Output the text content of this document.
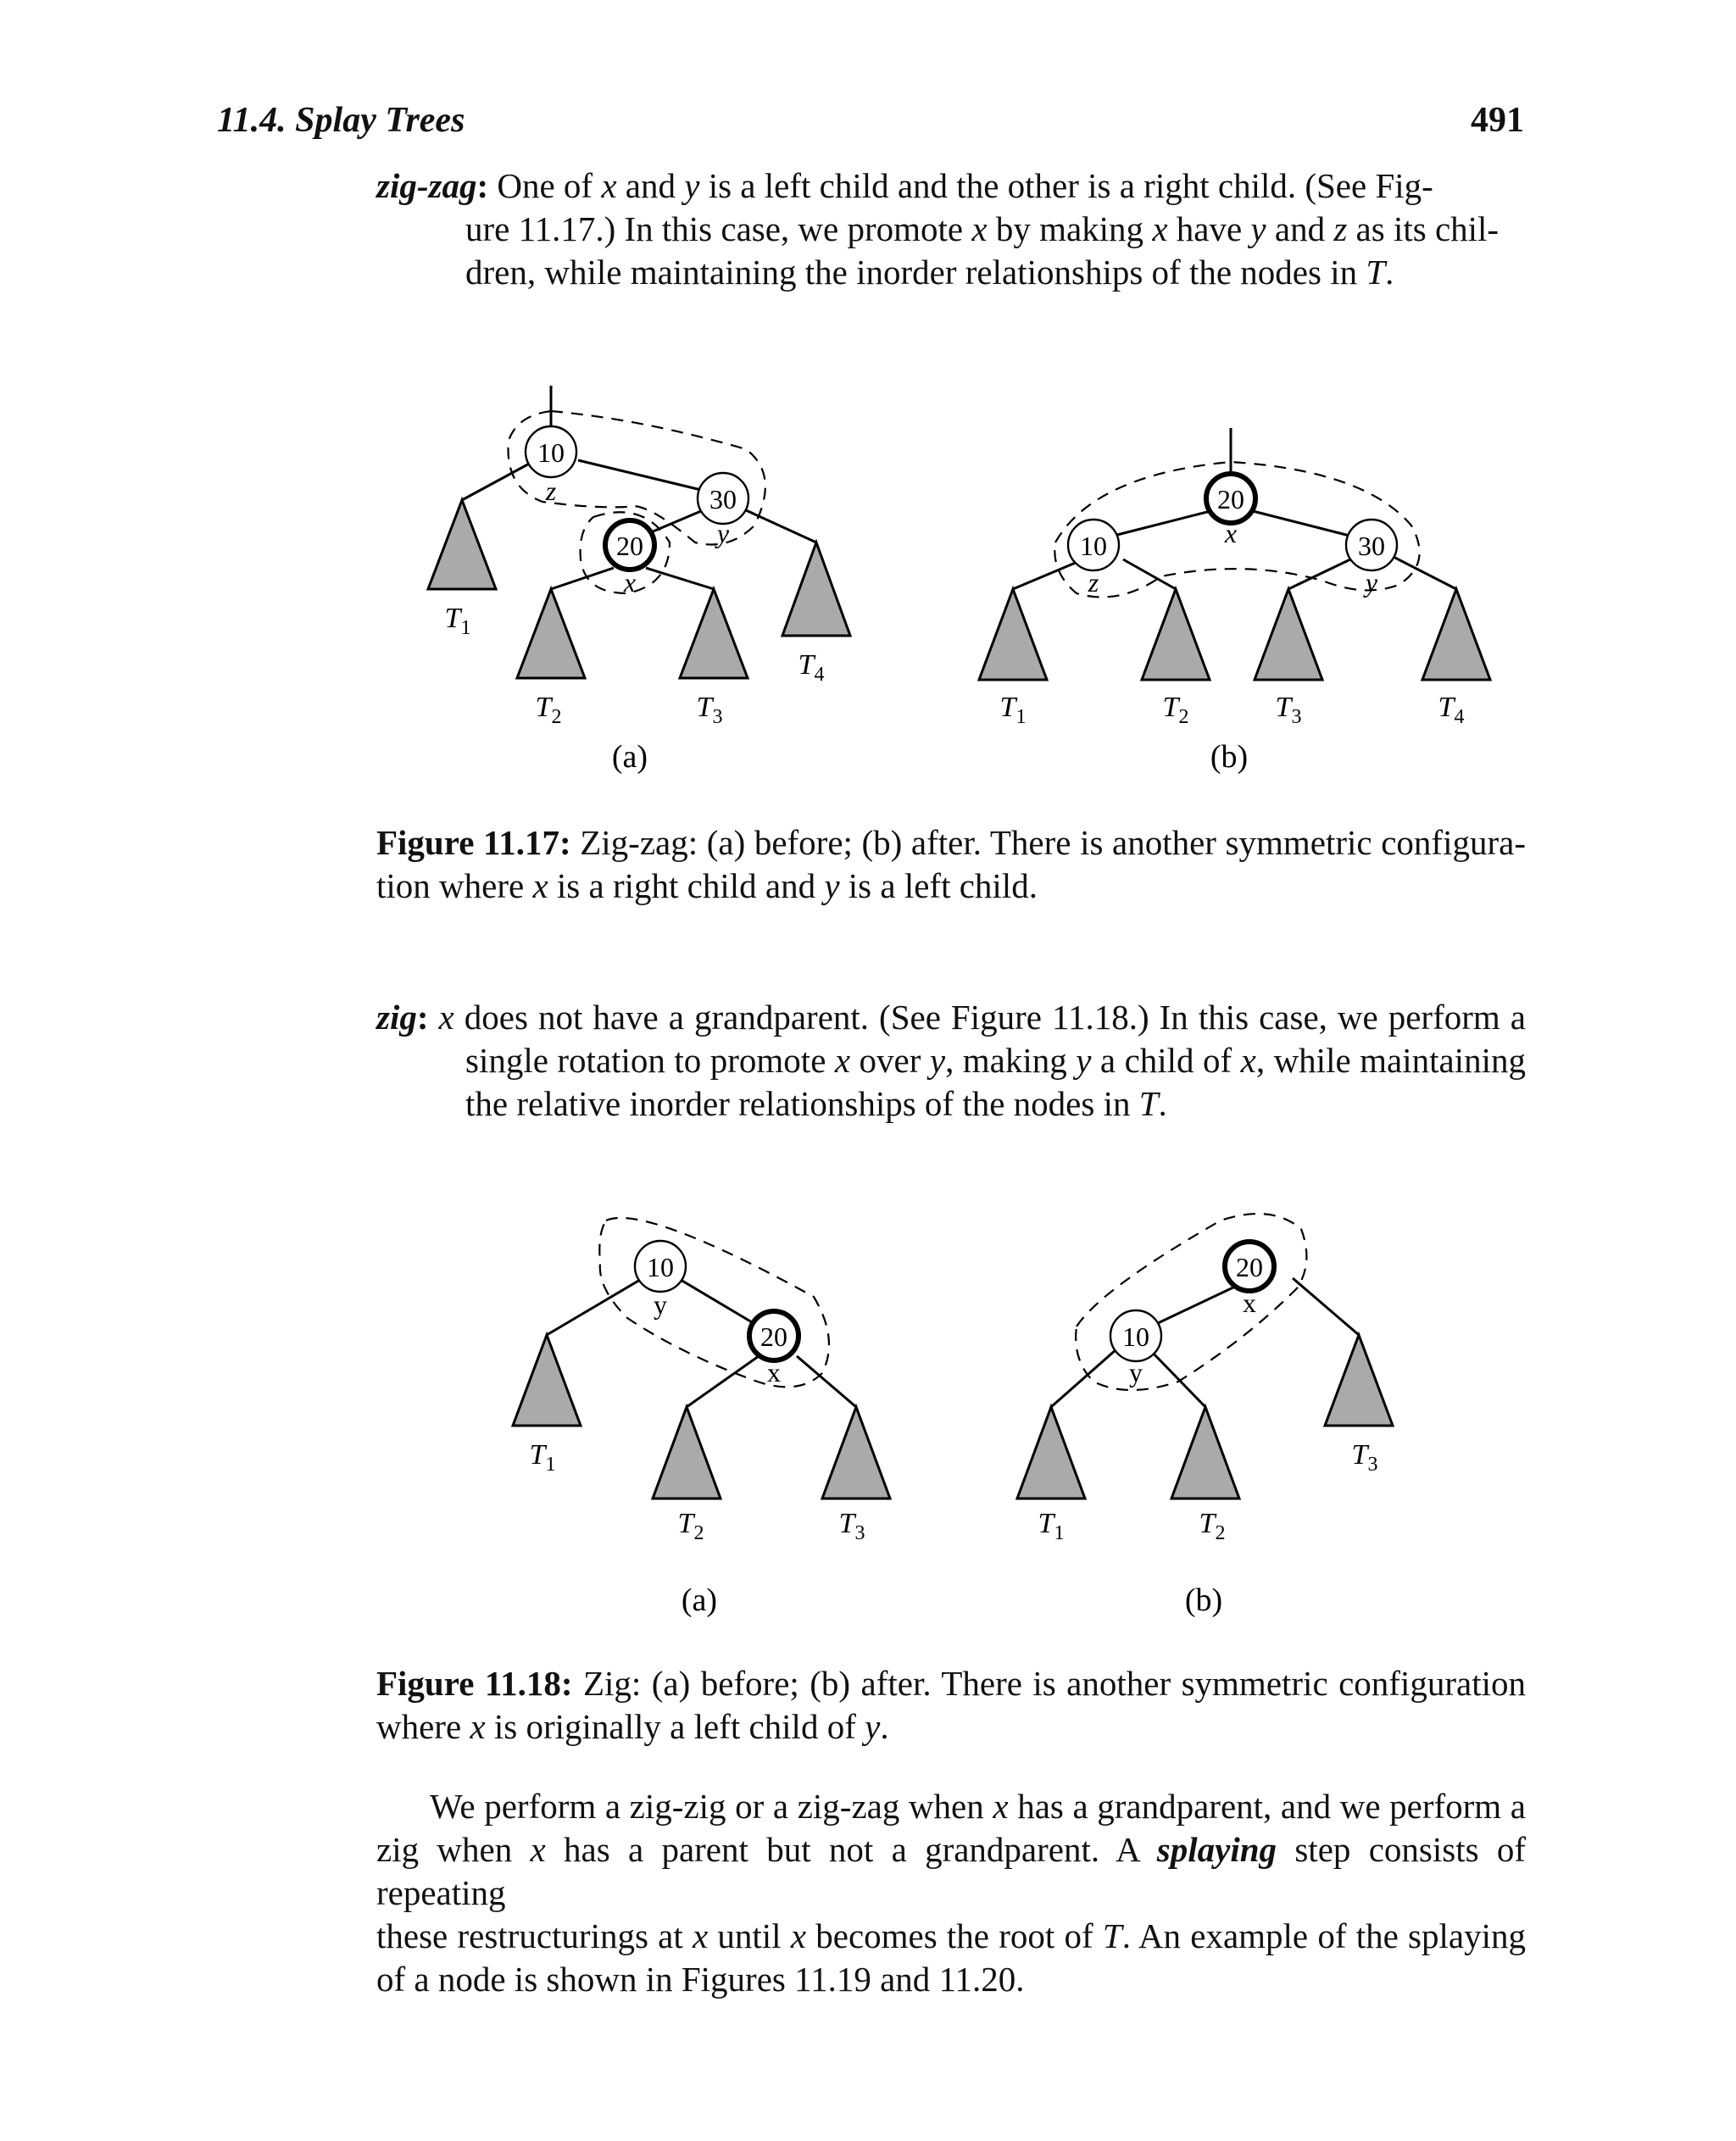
11.4. Splay Trees	491
zig-zag: One of x and y is a left child and the other is a right child. (See Fig-
ure 11.17.) In this case, we promote x by making x have y and z as its chil-
dren, while maintaining the inorder relationships of the nodes in T.
10
z	30
y
20
x
$T_1$
$T_2$	$T_3$
$T_4$
(a)
20
x
10
z
30
y
$T_1$	$T_2$	$T_3$	$T_4$
(b)
Figure 11.17: Zig-zag: (a) before; (b) after. There is another symmetric configura-
tion where x is a right child and y is a left child.
zig: x does not have a grandparent. (See Figure 11.18.) In this case, we perform a
single rotation to promote x over y, making y a child of x, while maintaining
the relative inorder relationships of the nodes in T.
10
y
20
x
$T_1$
$T_2$	$T_3$
(a)
20
x
10
y
$T_1$	$T_2$
$T_3$
(b)
Figure 11.18: Zig: (a) before; (b) after. There is another symmetric configuration
where x is originally a left child of y.
We perform a zig-zig or a zig-zag when x has a grandparent, and we perform a
zig when x has a parent but not a grandparent. A splaying step consists of repeating
these restructurings at x until x becomes the root of T. An example of the splaying
of a node is shown in Figures 11.19 and 11.20.
